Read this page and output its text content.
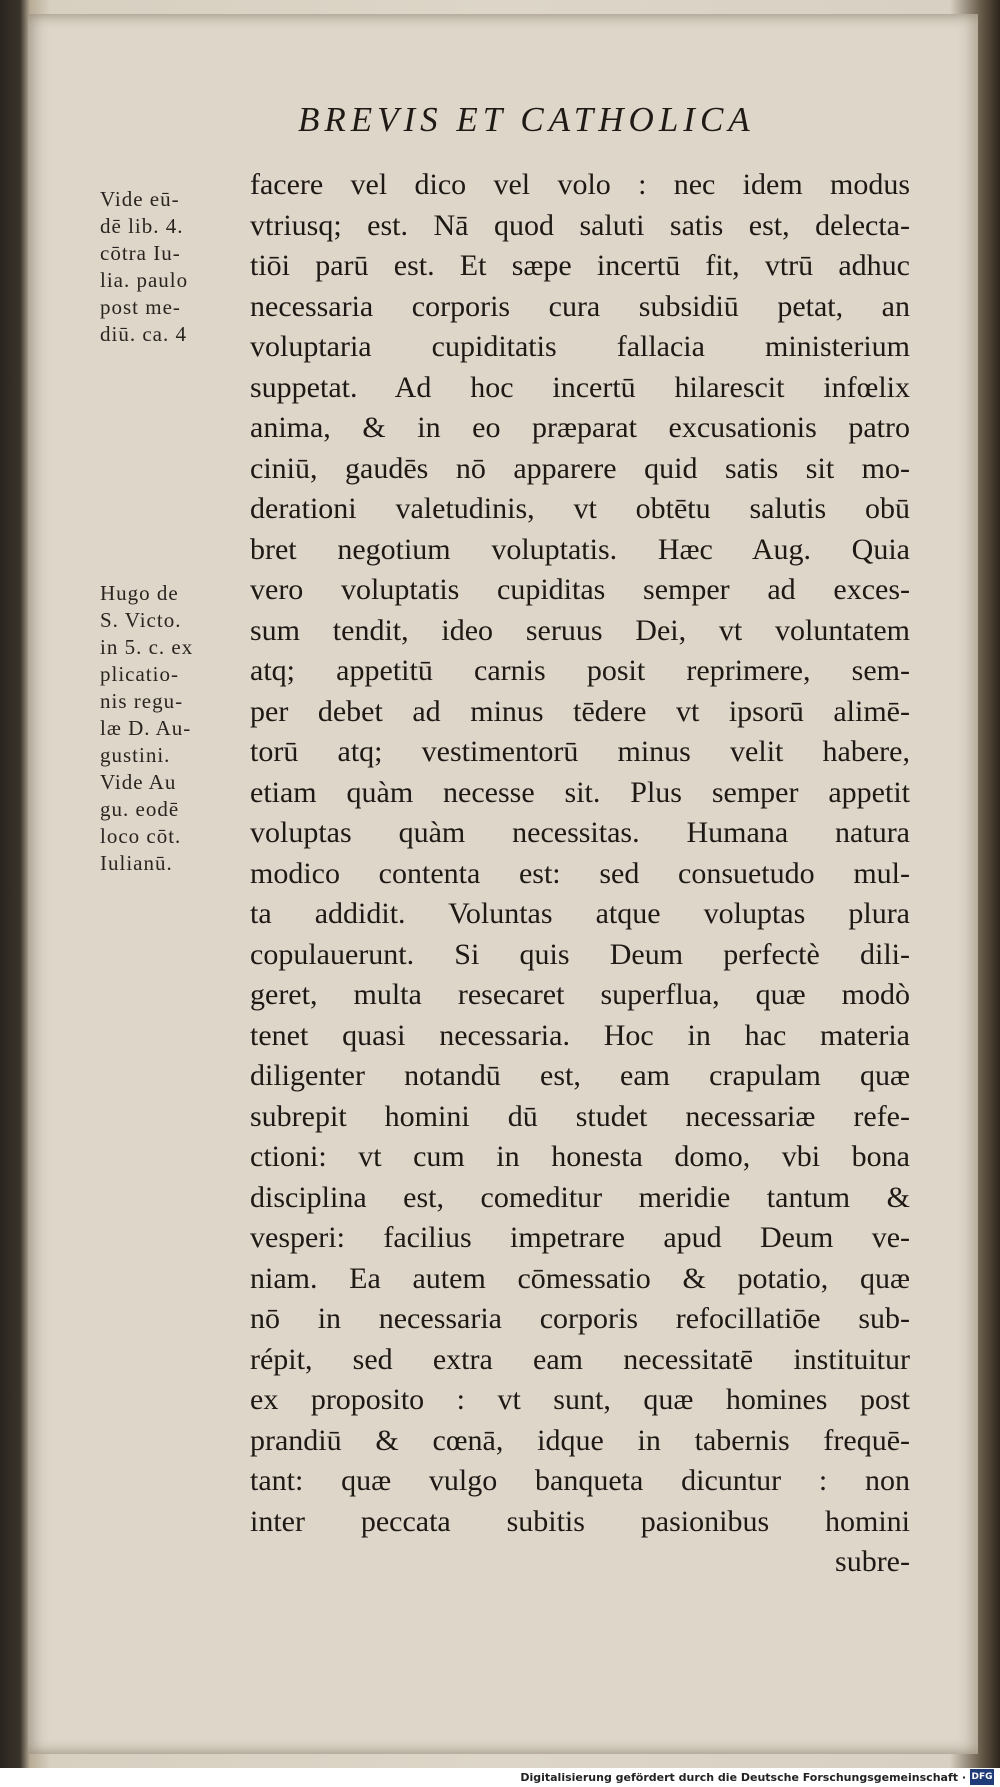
BREVIS ET CATHOLICA
Vide eū-
dē lib. 4.
cōtra Iu-
lia. paulo
post me-
diū. ca. 4
Hugo de
S. Victo.
in 5. c. ex
plicatio-
nis regu-
læ D. Au-
gustini.
Vide Au
gu. eodē
loco cōt.
Iulianū.
facere vel dico vel volo : nec idem modus
vtriusq; est. Nā quod saluti satis est, delecta-
tiōi parū est. Et sæpe incertū fit, vtrū adhuc
necessaria corporis cura subsidiū petat, an
voluptaria cupiditatis fallacia ministerium
suppetat. Ad hoc incertū hilarescit infœlix
anima, & in eo præparat excusationis patro
ciniū, gaudēs nō apparere quid satis sit mo-
derationi valetudinis, vt obtētu salutis obū
bret negotium voluptatis. Hæc Aug. Quia
vero voluptatis cupiditas semper ad exces-
sum tendit, ideo seruus Dei, vt voluntatem
atq; appetitū carnis posit reprimere, sem-
per debet ad minus tēdere vt ipsorū alimē-
torū atq; vestimentorū minus velit habere,
etiam quàm necesse sit. Plus semper appetit
voluptas quàm necessitas. Humana natura
modico contenta est: sed consuetudo mul-
ta addidit. Voluntas atque voluptas plura
copulauerunt. Si quis Deum perfectè dili-
geret, multa resecaret superflua, quæ modò
tenet quasi necessaria. Hoc in hac materia
diligenter notandū est, eam crapulam quæ
subrepit homini dū studet necessariæ refe-
ctioni: vt cum in honesta domo, vbi bona
disciplina est, comeditur meridie tantum &
vesperi: facilius impetrare apud Deum ve-
niam. Ea autem cōmessatio & potatio, quæ
nō in necessaria corporis refocillatiōe sub-
répit, sed extra eam necessitatē instituitur
ex proposito : vt sunt, quæ homines post
prandiū & cœnā, idque in tabernis frequē-
tant: quæ vulgo banqueta dicuntur : non
inter peccata subitis pasionibus homini
subre-
Digitalisierung gefördert durch die Deutsche Forschungsgemeinschaft · DFG
